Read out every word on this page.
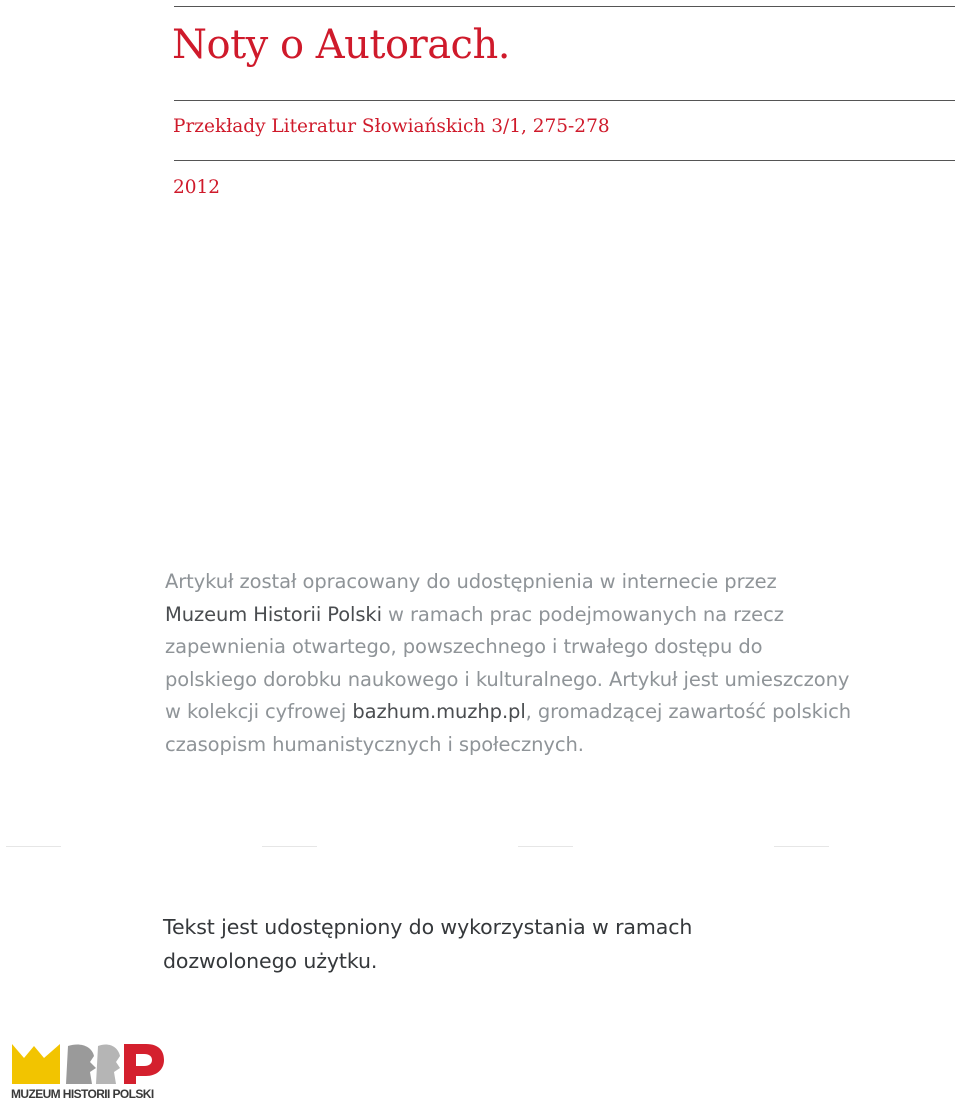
Noty o Autorach.
Przekłady Literatur Słowiańskich 3/1, 275-278
2012
Artykuł został opracowany do udostępnienia w internecie przez
Muzeum Historii Polski w ramach prac podejmowanych na rzecz
zapewnienia otwartego, powszechnego i trwałego dostępu do
polskiego dorobku naukowego i kulturalnego. Artykuł jest umieszczony
w kolekcji cyfrowej bazhum.muzhp.pl, gromadzącej zawartość polskich
czasopism humanistycznych i społecznych.
Tekst jest udostępniony do wykorzystania w ramach
dozwolonego użytku.
MUZEUM HISTORII POLSKI
